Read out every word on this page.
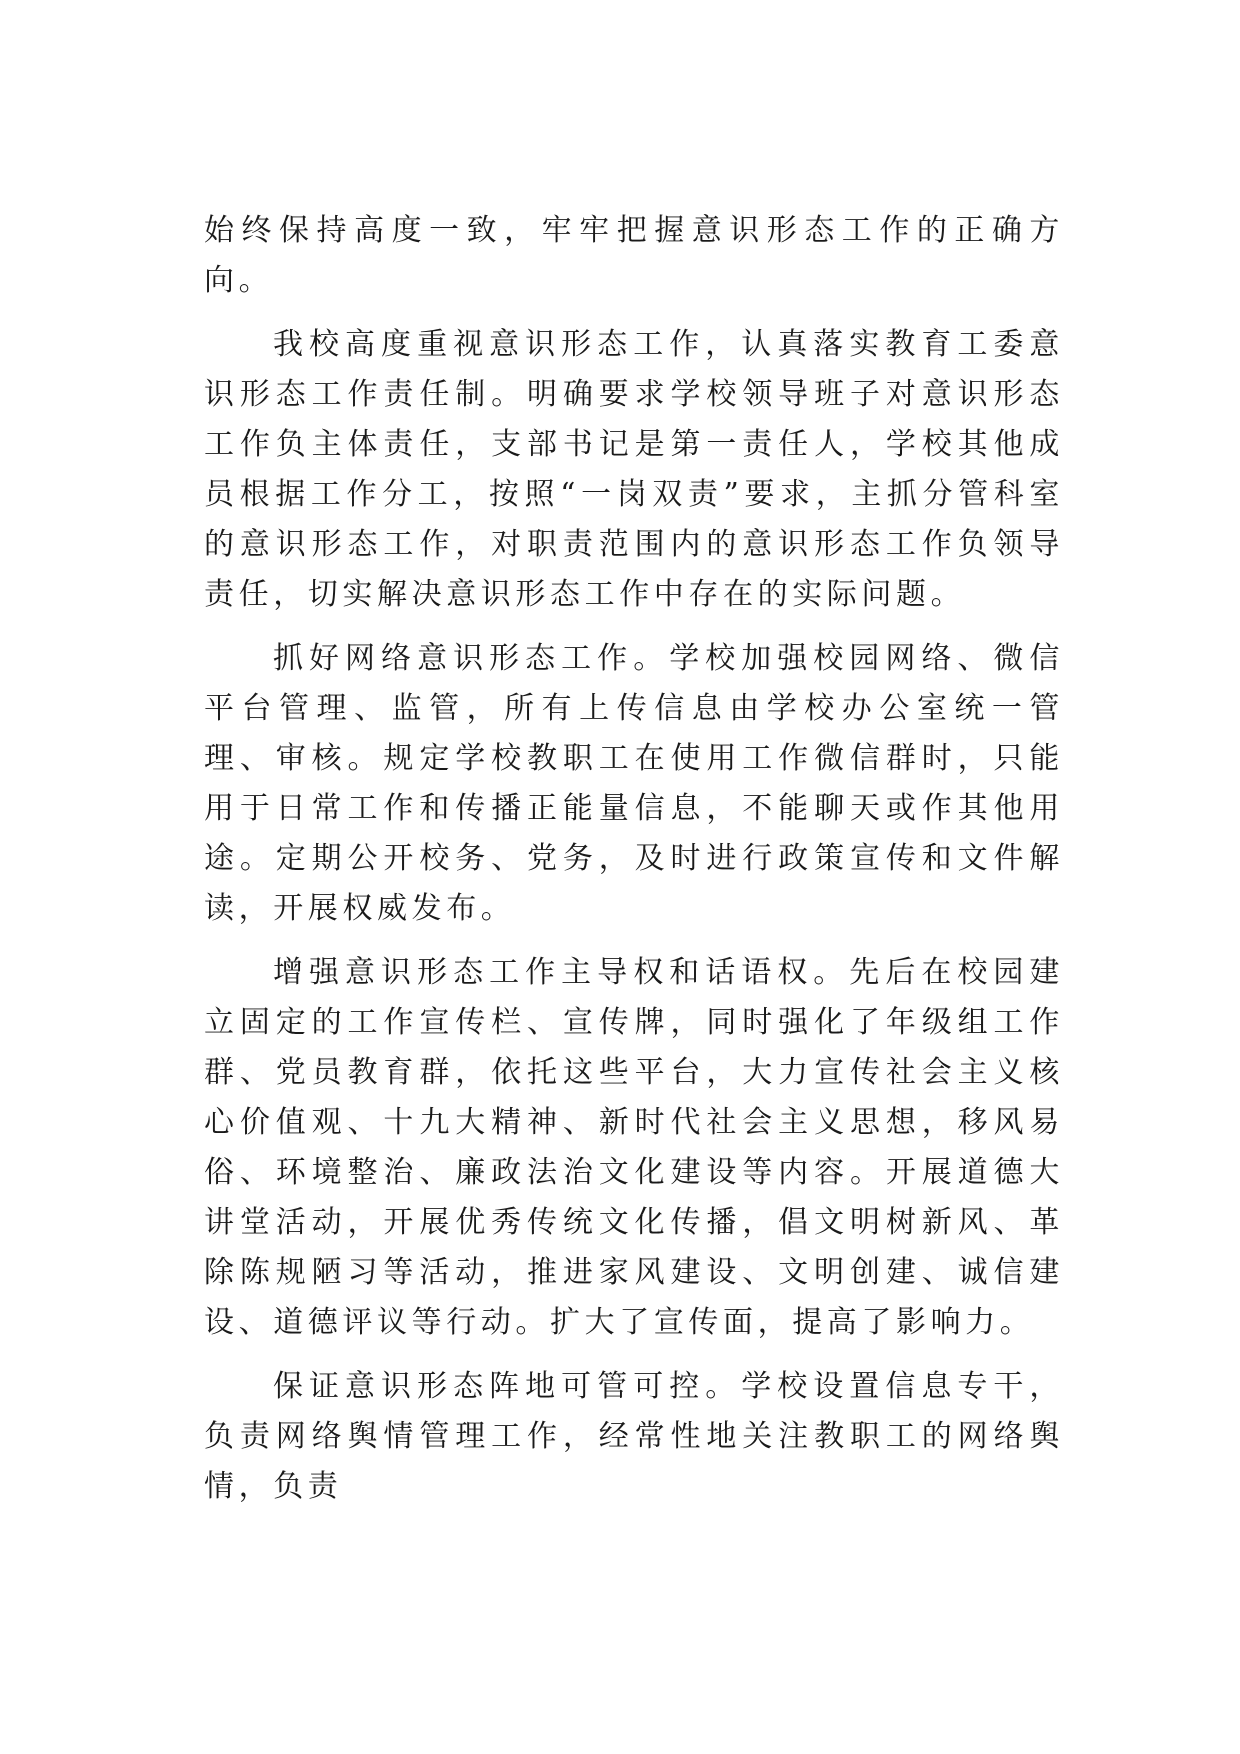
始终保持高度一致，牢牢把握意识形态工作的正确方向。

我校高度重视意识形态工作，认真落实教育工委意识形态工作责任制。明确要求学校领导班子对意识形态工作负主体责任，支部书记是第一责任人，学校其他成员根据工作分工，按照“一岗双责”要求，主抓分管科室的意识形态工作，对职责范围内的意识形态工作负领导责任，切实解决意识形态工作中存在的实际问题。

抓好网络意识形态工作。学校加强校园网络、微信平台管理、监管，所有上传信息由学校办公室统一管理、审核。规定学校教职工在使用工作微信群时，只能用于日常工作和传播正能量信息，不能聊天或作其他用途。定期公开校务、党务，及时进行政策宣传和文件解读，开展权威发布。

增强意识形态工作主导权和话语权。先后在校园建立固定的工作宣传栏、宣传牌，同时强化了年级组工作群、党员教育群，依托这些平台，大力宣传社会主义核心价值观、十九大精神、新时代社会主义思想，移风易俗、环境整治、廉政法治文化建设等内容。开展道德大讲堂活动，开展优秀传统文化传播，倡文明树新风、革除陈规陋习等活动，推进家风建设、文明创建、诚信建设、道德评议等行动。扩大了宣传面，提高了影响力。

保证意识形态阵地可管可控。学校设置信息专干，负责网络舆情管理工作，经常性地关注教职工的网络舆情，负责
